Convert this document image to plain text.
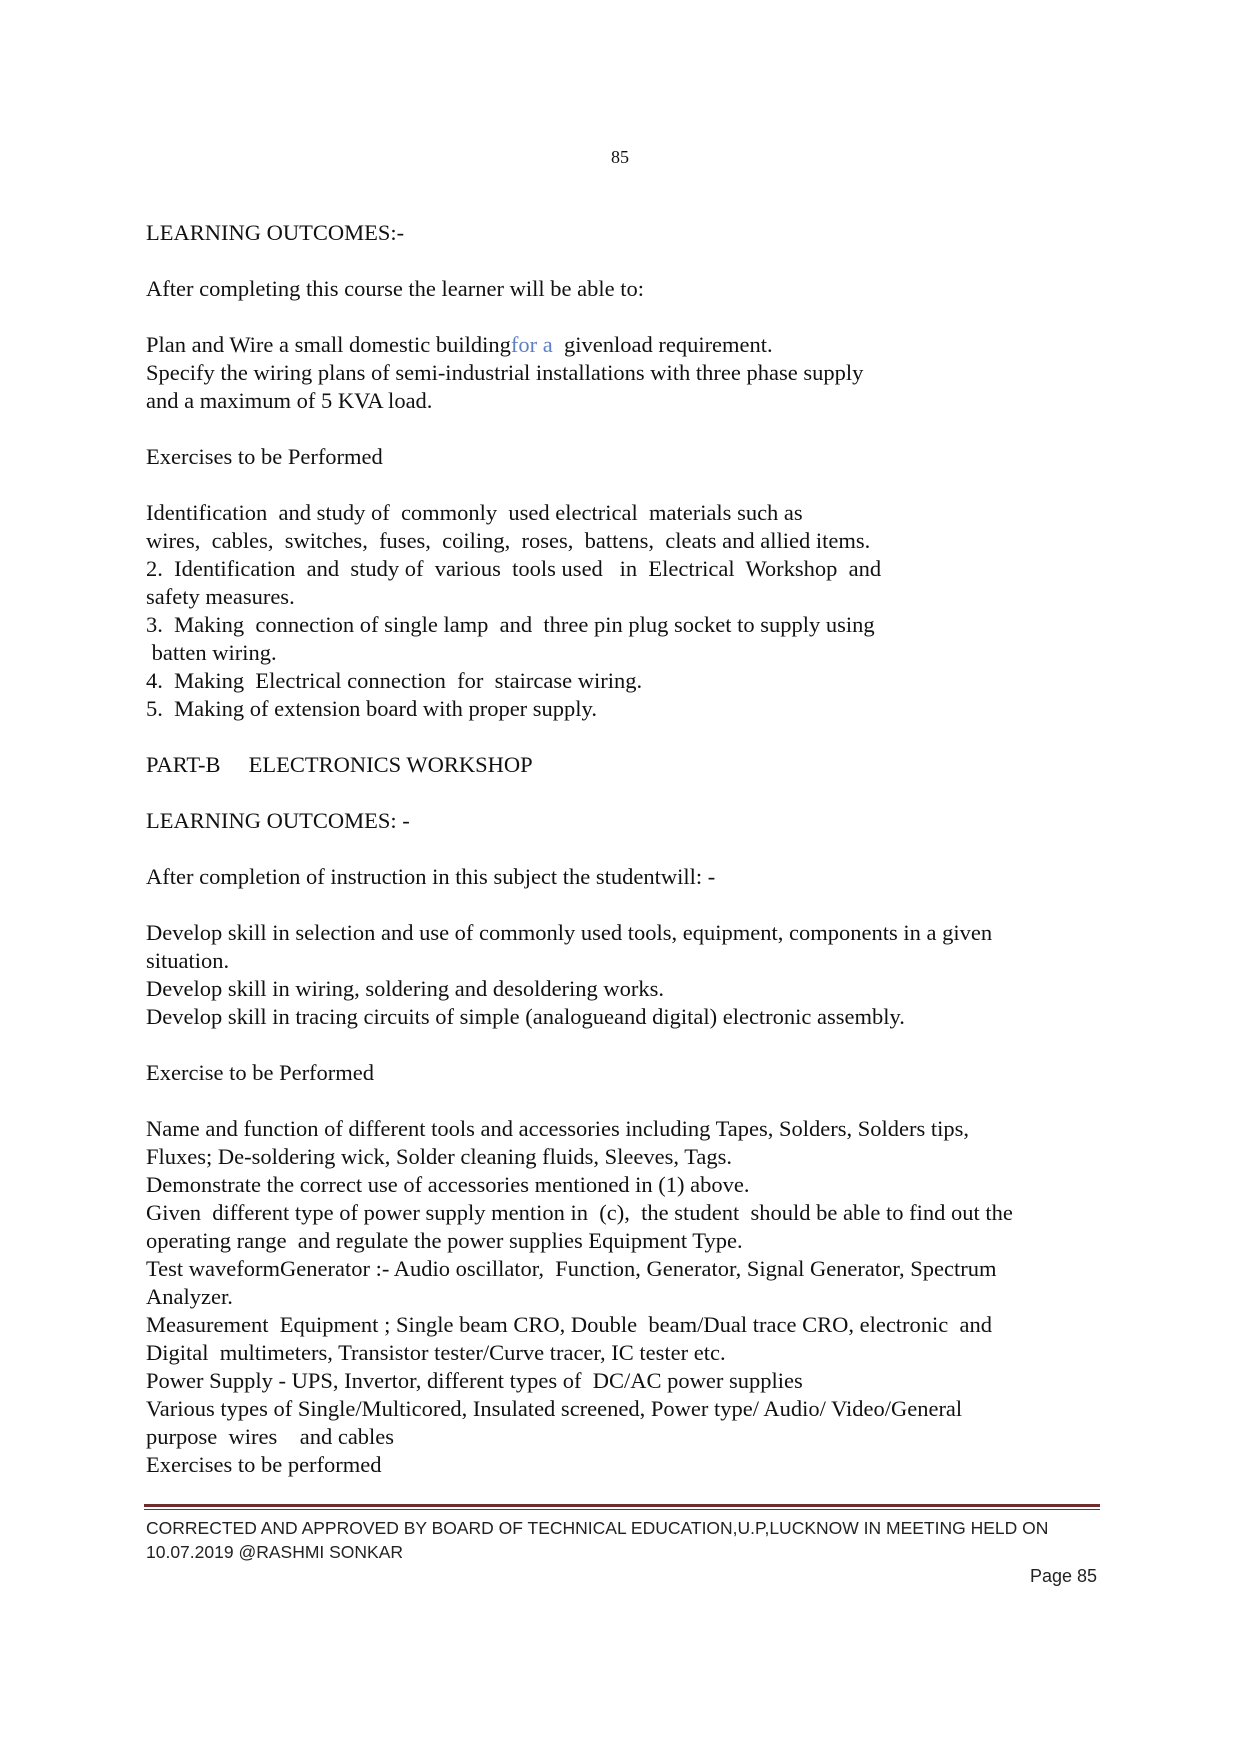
85
LEARNING OUTCOMES:-
After completing this course the learner will be able to:
Plan and Wire a small domestic buildingfor a  givenload requirement.
Specify the wiring plans of semi-industrial installations with three phase supply
and a maximum of 5 KVA load.
Exercises to be Performed
Identification  and study of  commonly  used electrical  materials such as
wires,  cables,  switches,  fuses,  coiling,  roses,  battens,  cleats and allied items.
2.  Identification  and  study of  various  tools used   in  Electrical  Workshop  and
safety measures.
3.  Making  connection of single lamp  and  three pin plug socket to supply using
batten wiring.
4.  Making  Electrical connection  for  staircase wiring.
5.  Making of extension board with proper supply.
PART-B     ELECTRONICS WORKSHOP
LEARNING OUTCOMES: -
After completion of instruction in this subject the studentwill: -
Develop skill in selection and use of commonly used tools, equipment, components in a given
situation.
Develop skill in wiring, soldering and desoldering works.
Develop skill in tracing circuits of simple (analogueand digital) electronic assembly.
Exercise to be Performed
Name and function of different tools and accessories including Tapes, Solders, Solders tips,
Fluxes; De-soldering wick, Solder cleaning fluids, Sleeves, Tags.
Demonstrate the correct use of accessories mentioned in (1) above.
Given  different type of power supply mention in  (c),  the student  should be able to find out the
operating range  and regulate the power supplies Equipment Type.
Test waveformGenerator :- Audio oscillator,  Function, Generator, Signal Generator, Spectrum
Analyzer.
Measurement  Equipment ; Single beam CRO, Double  beam/Dual trace CRO, electronic  and
Digital  multimeters, Transistor tester/Curve tracer, IC tester etc.
Power Supply - UPS, Invertor, different types of  DC/AC power supplies
Various types of Single/Multicored, Insulated screened, Power type/ Audio/ Video/General
purpose  wires    and cables
Exercises to be performed
CORRECTED AND APPROVED BY BOARD OF TECHNICAL EDUCATION,U.P,LUCKNOW IN MEETING HELD ON
10.07.2019 @RASHMI SONKAR
Page 85
